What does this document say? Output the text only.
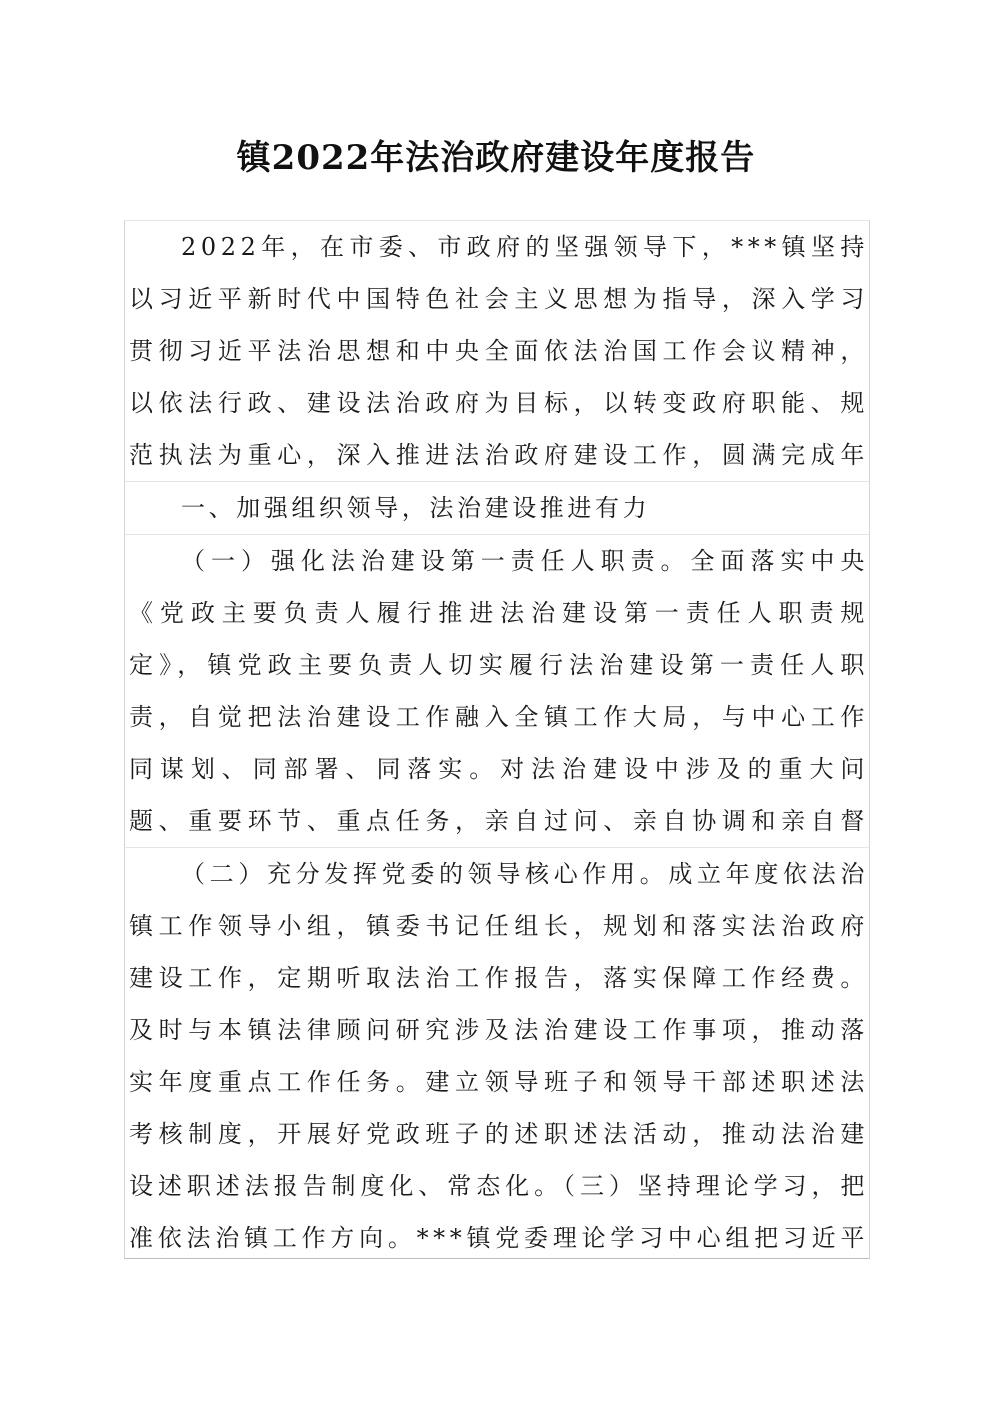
镇2022年法治政府建设年度报告

2022年，在市委、市政府的坚强领导下，***镇坚持以习近平新时代中国特色社会主义思想为指导，深入学习贯彻习近平法治思想和中央全面依法治国工作会议精神，以依法行政、建设法治政府为目标，以转变政府职能、规范执法为重心，深入推进法治政府建设工作，圆满完成年

一、加强组织领导，法治建设推进有力

（一）强化法治建设第一责任人职责。全面落实中央《党政主要负责人履行推进法治建设第一责任人职责规定》，镇党政主要负责人切实履行法治建设第一责任人职责，自觉把法治建设工作融入全镇工作大局，与中心工作同谋划、同部署、同落实。对法治建设中涉及的重大问题、重要环节、重点任务，亲自过问、亲自协调和亲自督

（二）充分发挥党委的领导核心作用。成立年度依法治镇工作领导小组，镇委书记任组长，规划和落实法治政府建设工作，定期听取法治工作报告，落实保障工作经费。及时与本镇法律顾问研究涉及法治建设工作事项，推动落实年度重点工作任务。建立领导班子和领导干部述职述法考核制度，开展好党政班子的述职述法活动，推动法治建设述职述法报告制度化、常态化。（三）坚持理论学习，把准依法治镇工作方向。***镇党委理论学习中心组把习近平
